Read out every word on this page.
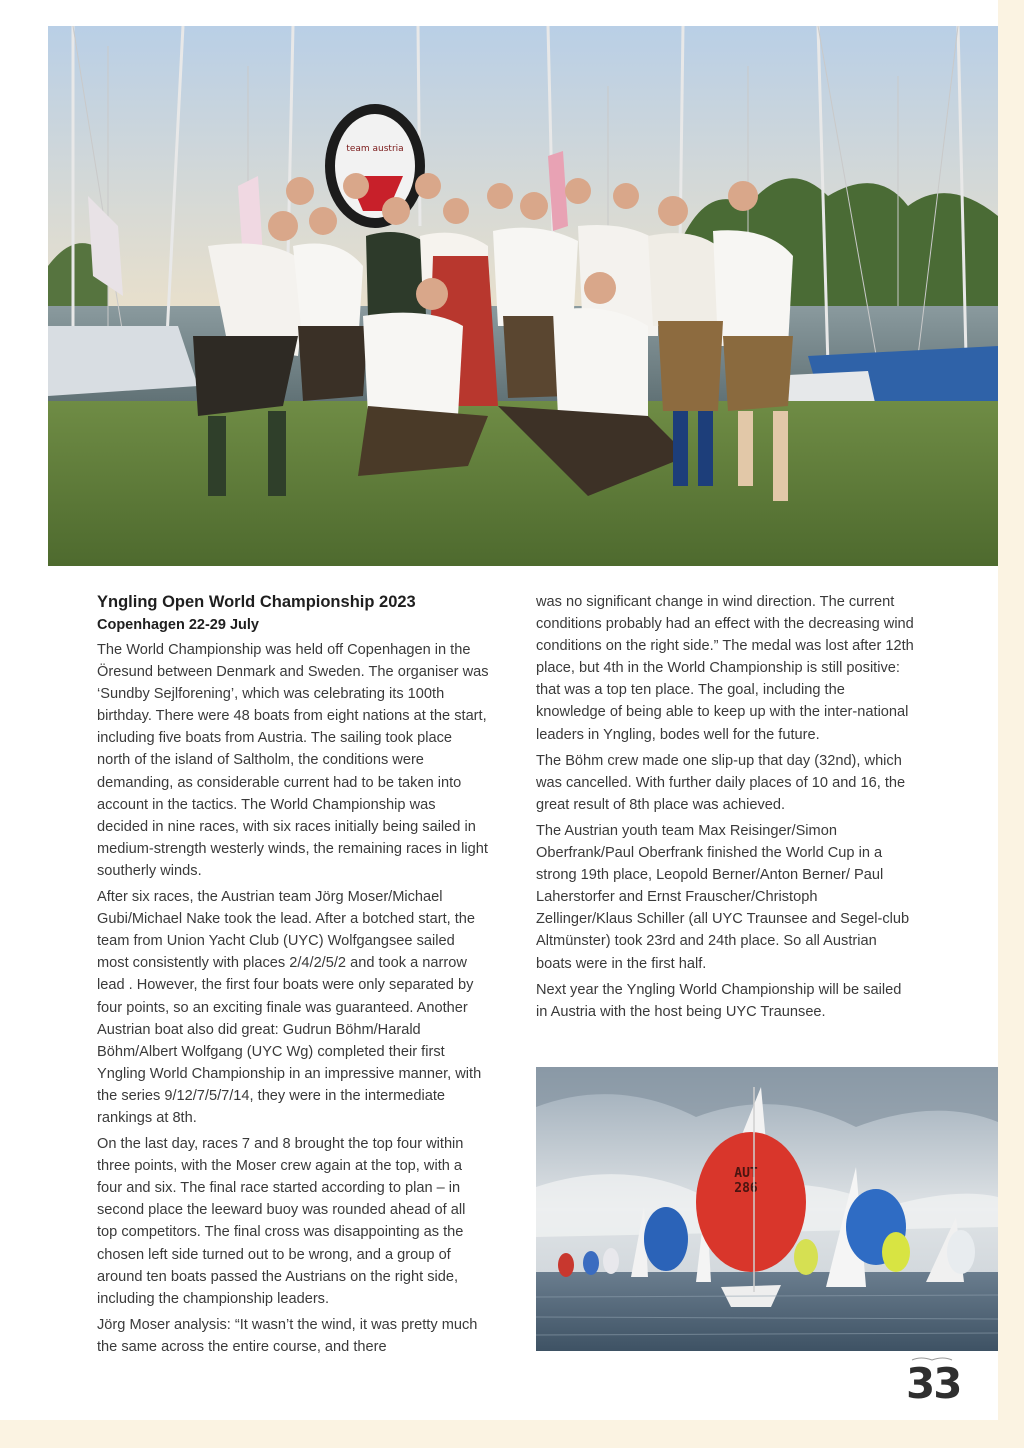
team austria
Yngling Open World Championship 2023
Copenhagen 22-29 July

The World Championship was held off Copenhagen in the Öresund between Denmark and Sweden. The organiser was ‘Sundby Sejlforening’, which was celebrating its 100th birthday. There were 48 boats from eight nations at the start, including five boats from Austria. The sailing took place north of the island of Saltholm, the conditions were demanding, as considerable current had to be taken into account in the tactics. The World Championship was decided in nine races, with six races initially being sailed in medium-strength westerly winds, the remaining races in light southerly winds.

After six races, the Austrian team Jörg Moser/Michael Gubi/Michael Nake took the lead. After a botched start, the team from Union Yacht Club (UYC) Wolfgangsee sailed most consistently with places 2/4/2/5/2 and took a narrow lead . However, the first four boats were only separated by four points, so an exciting finale was guaranteed. Another Austrian boat also did great: Gudrun Böhm/Harald Böhm/Albert Wolfgang (UYC Wg) completed their first Yngling World Championship in an impressive manner, with the series 9/12/7/5/7/14, they were in the intermediate rankings at 8th.

On the last day, races 7 and 8 brought the top four within three points, with the Moser crew again at the top, with a four and six. The final race started according to plan – in second place the leeward buoy was rounded ahead of all top competitors. The final cross was disappointing as the chosen left side turned out to be wrong, and a group of around ten boats passed the Austrians on the right side, including the championship leaders.

Jörg Moser analysis: “It wasn’t the wind, it was pretty much the same across the entire course, and there

was no significant change in wind direction. The current conditions probably had an effect with the decreasing wind conditions on the right side.” The medal was lost after 12th place, but 4th in the World Championship is still positive: that was a top ten place. The goal, including the knowledge of being able to keep up with the inter-national leaders in Yngling, bodes well for the future.

The Böhm crew made one slip-up that day (32nd), which was cancelled. With further daily places of 10 and 16, the great result of 8th place was achieved.

The Austrian youth team Max Reisinger/Simon Oberfrank/Paul Oberfrank finished the World Cup in a strong 19th place, Leopold Berner/Anton Berner/ Paul Laherstorfer and Ernst Frauscher/Christoph Zellinger/Klaus Schiller (all UYC Traunsee and Segel-club Altmünster) took 23rd and 24th place. So all Austrian boats were in the first half.

Next year the Yngling World Championship will be sailed in Austria with the host being UYC Traunsee.

AUT
286
33
